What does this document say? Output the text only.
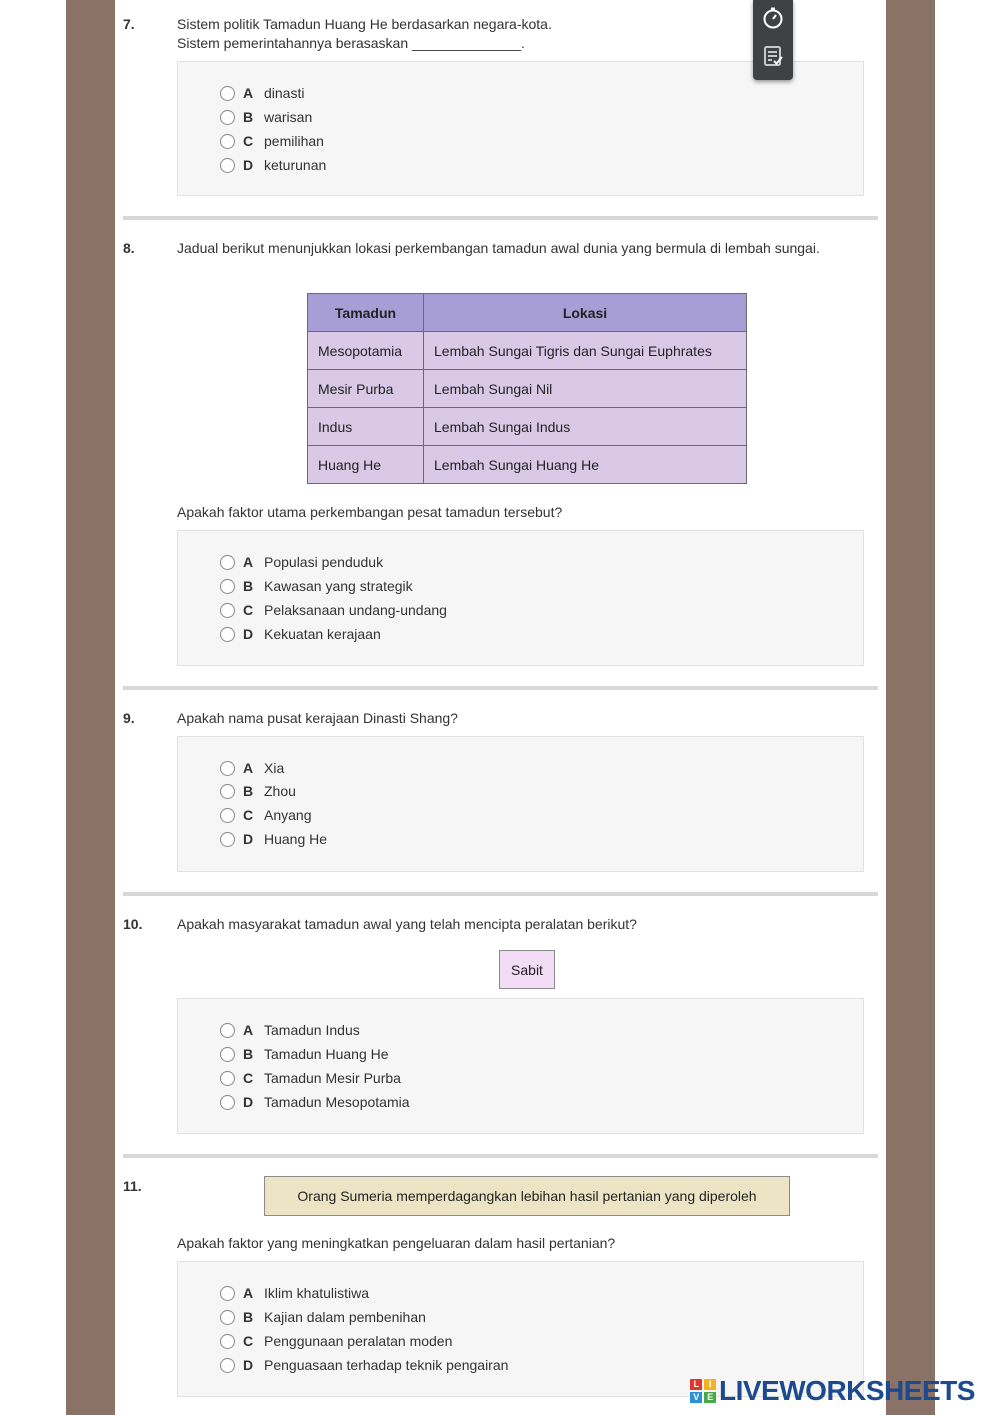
7.	Sistem politik Tamadun Huang He berdasarkan negara-kota.
Sistem pemerintahannya berasaskan ______________.
A dinasti
B warisan
C pemilihan
D keturunan
8.	Jadual berikut menunjukkan lokasi perkembangan tamadun awal dunia yang bermula di lembah sungai.
Tamadun	Lokasi
Mesopotamia	Lembah Sungai Tigris dan Sungai Euphrates
Mesir Purba	Lembah Sungai Nil
Indus	Lembah Sungai Indus
Huang He	Lembah Sungai Huang He
Apakah faktor utama perkembangan pesat tamadun tersebut?
A Populasi penduduk
B Kawasan yang strategik
C Pelaksanaan undang-undang
D Kekuatan kerajaan
9.	Apakah nama pusat kerajaan Dinasti Shang?
A Xia
B Zhou
C Anyang
D Huang He
10. Apakah masyarakat tamadun awal yang telah mencipta peralatan berikut?
Sabit
A Tamadun Indus
B Tamadun Huang He
C Tamadun Mesir Purba
D Tamadun Mesopotamia
11.
Orang Sumeria memperdagangkan lebihan hasil pertanian yang diperoleh
Apakah faktor yang meningkatkan pengeluaran dalam hasil pertanian?
A Iklim khatulistiwa
B Kajian dalam pembenihan
C Penggunaan peralatan moden
D Penguasaan terhadap teknik pengairan
L	I
V E LIVEWORKSHEETS
